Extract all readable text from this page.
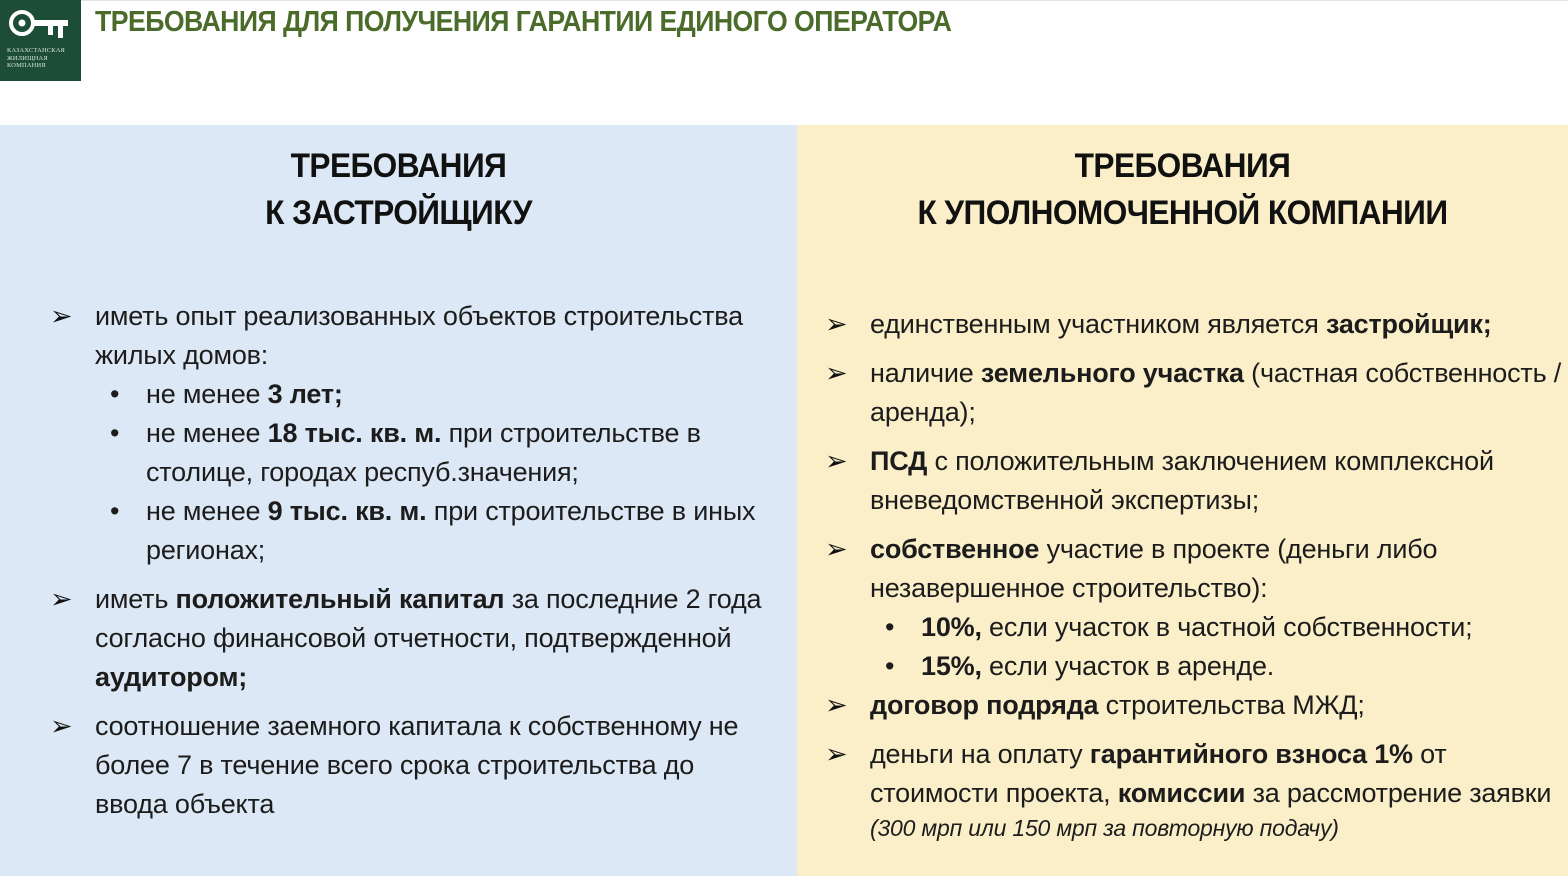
КАЗАХСТАНСКАЯ
ЖИЛИЩНАЯ
КОМПАНИЯ
ТРЕБОВАНИЯ ДЛЯ ПОЛУЧЕНИЯ ГАРАНТИИ ЕДИНОГО ОПЕРАТОРА
ТРЕБОВАНИЯ
К ЗАСТРОЙЩИКУ
➢ иметь опыт реализованных объектов строительства жилых домов:
• не менее 3 лет;
• не менее 18 тыс. кв. м. при строительстве в столице, городах респуб.значения;
• не менее 9 тыс. кв. м. при строительстве в иных регионах;
➢ иметь положительный капитал за последние 2 года согласно финансовой отчетности, подтвержденной аудитором;
➢ соотношение заемного капитала к собственному не более 7 в течение всего срока строительства до ввода объекта
ТРЕБОВАНИЯ
К УПОЛНОМОЧЕННОЙ КОМПАНИИ
➢ единственным участником является застройщик;
➢ наличие земельного участка (частная собственность / аренда);
➢ ПСД с положительным заключением комплексной вневедомственной экспертизы;
➢ собственное участие в проекте (деньги либо незавершенное строительство):
• 10%, если участок в частной собственности;
• 15%, если участок в аренде.
➢ договор подряда строительства МЖД;
➢ деньги на оплату гарантийного взноса 1% от стоимости проекта, комиссии за рассмотрение заявки
(300 мрп или 150 мрп за повторную подачу)
